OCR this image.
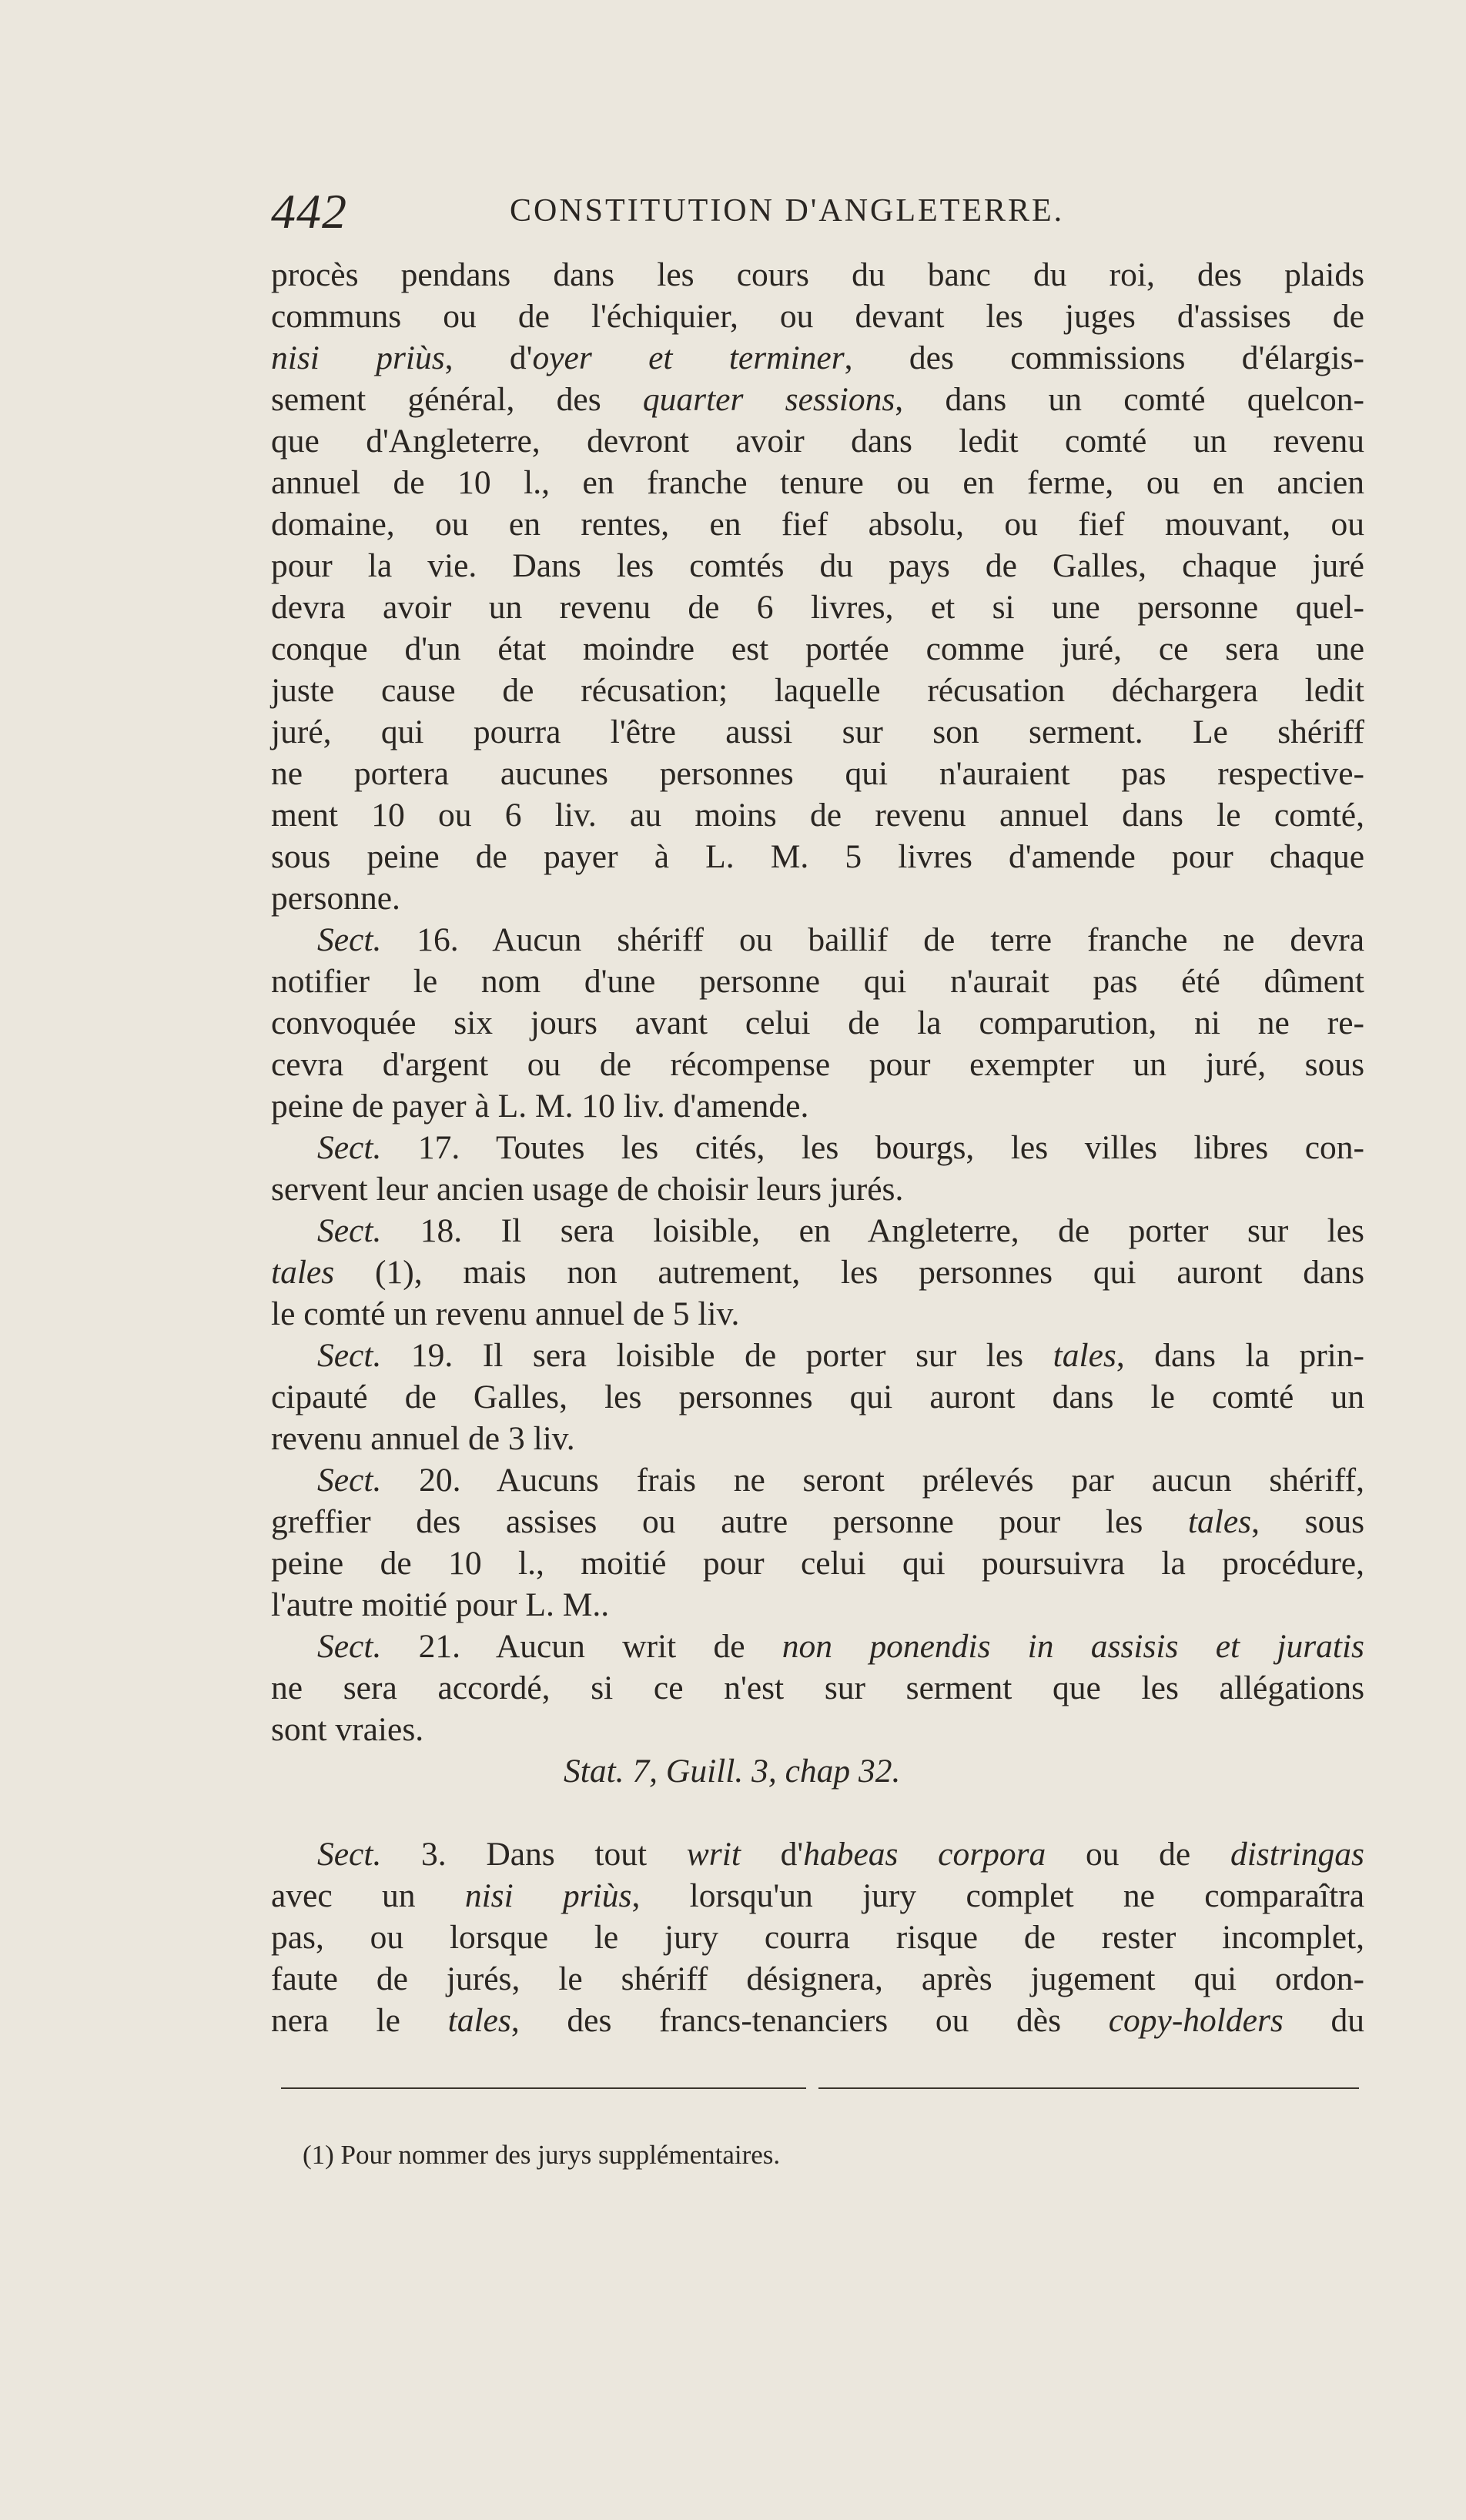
442	CONSTITUTION D'ANGLETERRE.
procès pendans dans les cours du banc du roi, des plaids
communs ou de l'échiquier, ou devant les juges d'assises de
nisi priùs, d'oyer et terminer, des commissions d'élargis-
sement général, des quarter sessions, dans un comté quelcon-
que d'Angleterre, devront avoir dans ledit comté un revenu
annuel de 10 l., en franche tenure ou en ferme, ou en ancien
domaine, ou en rentes, en fief absolu, ou fief mouvant, ou
pour la vie. Dans les comtés du pays de Galles, chaque juré
devra avoir un revenu de 6 livres, et si une personne quel-
conque d'un état moindre est portée comme juré, ce sera une
juste cause de récusation; laquelle récusation déchargera ledit
juré, qui pourra l'être aussi sur son serment. Le shériff
ne portera aucunes personnes qui n'auraient pas respective-
ment 10 ou 6 liv. au moins de revenu annuel dans le comté,
sous peine de payer à L. M. 5 livres d'amende pour chaque
personne.
Sect. 16. Aucun shériff ou baillif de terre franche ne devra
notifier le nom d'une personne qui n'aurait pas été dûment
convoquée six jours avant celui de la comparution, ni ne re-
cevra d'argent ou de récompense pour exempter un juré, sous
peine de payer à L. M. 10 liv. d'amende.
Sect. 17. Toutes les cités, les bourgs, les villes libres con-
servent leur ancien usage de choisir leurs jurés.
Sect. 18. Il sera loisible, en Angleterre, de porter sur les
tales (1), mais non autrement, les personnes qui auront dans
le comté un revenu annuel de 5 liv.
Sect. 19. Il sera loisible de porter sur les tales, dans la prin-
cipauté de Galles, les personnes qui auront dans le comté un
revenu annuel de 3 liv.
Sect. 20. Aucuns frais ne seront prélevés par aucun shériff,
greffier des assises ou autre personne pour les tales, sous
peine de 10 l., moitié pour celui qui poursuivra la procédure,
l'autre moitié pour L. M..
Sect. 21. Aucun writ de non ponendis in assisis et juratis
ne sera accordé, si ce n'est sur serment que les allégations
sont vraies.
Stat. 7, Guill. 3, chap 32.
Sect. 3. Dans tout writ d'habeas corpora ou de distringas
avec un nisi priùs, lorsqu'un jury complet ne comparaîtra
pas, ou lorsque le jury courra risque de rester incomplet,
faute de jurés, le shériff désignera, après jugement qui ordon-
nera le tales, des francs-tenanciers ou dès copy-holders du
(1) Pour nommer des jurys supplémentaires.
